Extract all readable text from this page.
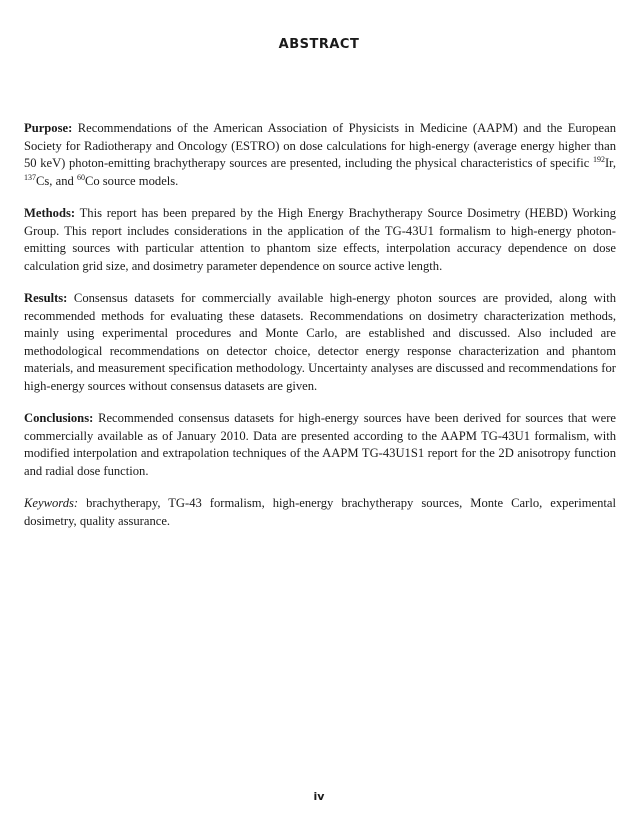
ABSTRACT

Purpose: Recommendations of the American Association of Physicists in Medicine (AAPM) and the European Society for Radiotherapy and Oncology (ESTRO) on dose calculations for high-energy (average energy higher than 50 keV) photon-emitting brachytherapy sources are presented, including the physical characteristics of specific $^{192}$Ir, $^{137}$Cs, and $^{60}$Co source models.

Methods: This report has been prepared by the High Energy Brachytherapy Source Dosimetry (HEBD) Working Group. This report includes considerations in the application of the TG-43U1 formalism to high-energy photon-emitting sources with particular attention to phantom size effects, interpolation accuracy dependence on dose calculation grid size, and dosimetry parameter dependence on source active length.

Results: Consensus datasets for commercially available high-energy photon sources are provided, along with recommended methods for evaluating these datasets. Recommendations on dosimetry characterization methods, mainly using experimental procedures and Monte Carlo, are established and discussed. Also included are methodological recommendations on detector choice, detector energy response characterization and phantom materials, and measurement specification methodology. Uncertainty analyses are discussed and recommendations for high-energy sources without consensus datasets are given.

Conclusions: Recommended consensus datasets for high-energy sources have been derived for sources that were commercially available as of January 2010. Data are presented according to the AAPM TG-43U1 formalism, with modified interpolation and extrapolation techniques of the AAPM TG-43U1S1 report for the 2D anisotropy function and radial dose function.

Keywords: brachytherapy, TG-43 formalism, high-energy brachytherapy sources, Monte Carlo, experimental dosimetry, quality assurance.

iv
